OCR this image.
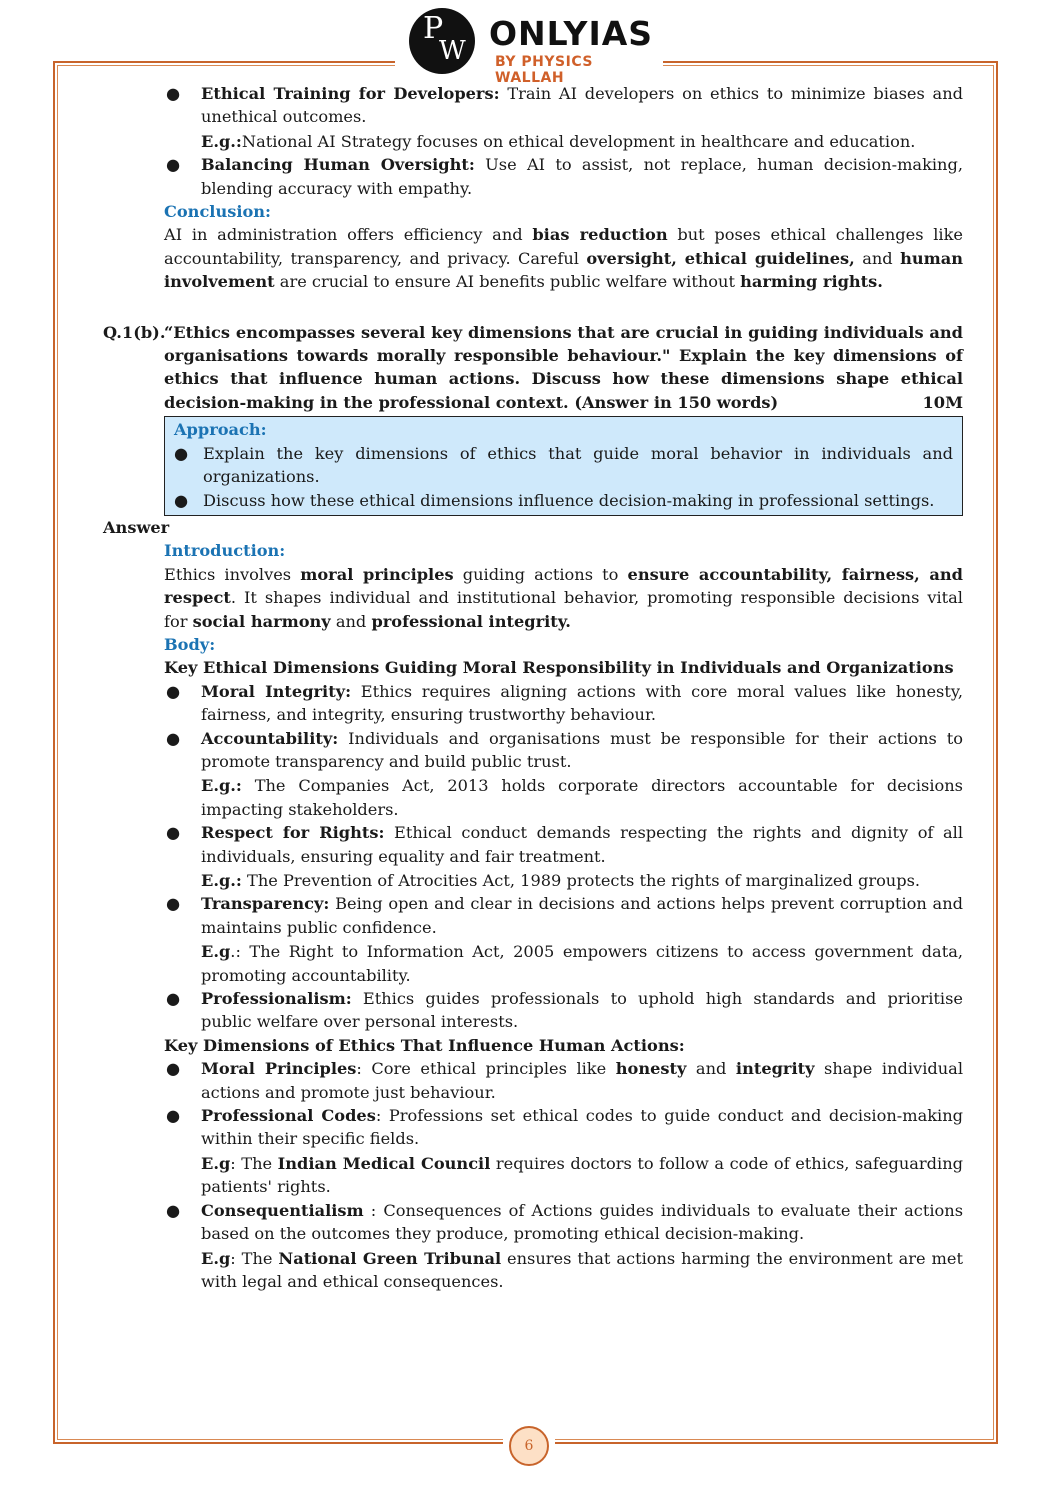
P
W ONLYIAS
BY PHYSICS WALLAH
● Ethical Training for Developers: Train AI developers on ethics to minimize biases and unethical outcomes.
E.g.:National AI Strategy focuses on ethical development in healthcare and education.
● Balancing Human Oversight: Use AI to assist, not replace, human decision-making, blending accuracy with empathy.

Conclusion:

AI in administration offers efficiency and bias reduction but poses ethical challenges like accountability, transparency, and privacy. Careful oversight, ethical guidelines, and human involvement are crucial to ensure AI benefits public welfare without harming rights.

Q.1(b).
“Ethics encompasses several key dimensions that are crucial in guiding individuals and organisations towards morally responsible behaviour." Explain the key dimensions of ethics that influence human actions. Discuss how these dimensions shape ethical decision-making in the professional context. (Answer in 150 words)	10M

Approach:

● Explain the key dimensions of ethics that guide moral behavior in individuals and organizations.
● Discuss how these ethical dimensions influence decision-making in professional settings.

Answer

Introduction:

Ethics involves moral principles guiding actions to ensure accountability, fairness, and respect. It shapes individual and institutional behavior, promoting responsible decisions vital for social harmony and professional integrity.

Body:

Key Ethical Dimensions Guiding Moral Responsibility in Individuals and Organizations

● Moral Integrity: Ethics requires aligning actions with core moral values like honesty, fairness, and integrity, ensuring trustworthy behaviour.
● Accountability: Individuals and organisations must be responsible for their actions to promote transparency and build public trust.
E.g.: The Companies Act, 2013 holds corporate directors accountable for decisions impacting stakeholders.
● Respect for Rights: Ethical conduct demands respecting the rights and dignity of all individuals, ensuring equality and fair treatment.
E.g.: The Prevention of Atrocities Act, 1989 protects the rights of marginalized groups.
● Transparency: Being open and clear in decisions and actions helps prevent corruption and maintains public confidence.
E.g.: The Right to Information Act, 2005 empowers citizens to access government data, promoting accountability.
● Professionalism: Ethics guides professionals to uphold high standards and prioritise public welfare over personal interests.

Key Dimensions of Ethics That Influence Human Actions:

● Moral Principles: Core ethical principles like honesty and integrity shape individual actions and promote just behaviour.
● Professional Codes: Professions set ethical codes to guide conduct and decision-making within their specific fields.
E.g: The Indian Medical Council requires doctors to follow a code of ethics, safeguarding patients' rights.
● Consequentialism : Consequences of Actions guides individuals to evaluate their actions based on the outcomes they produce, promoting ethical decision-making.
E.g: The National Green Tribunal ensures that actions harming the environment are met with legal and ethical consequences.
6
